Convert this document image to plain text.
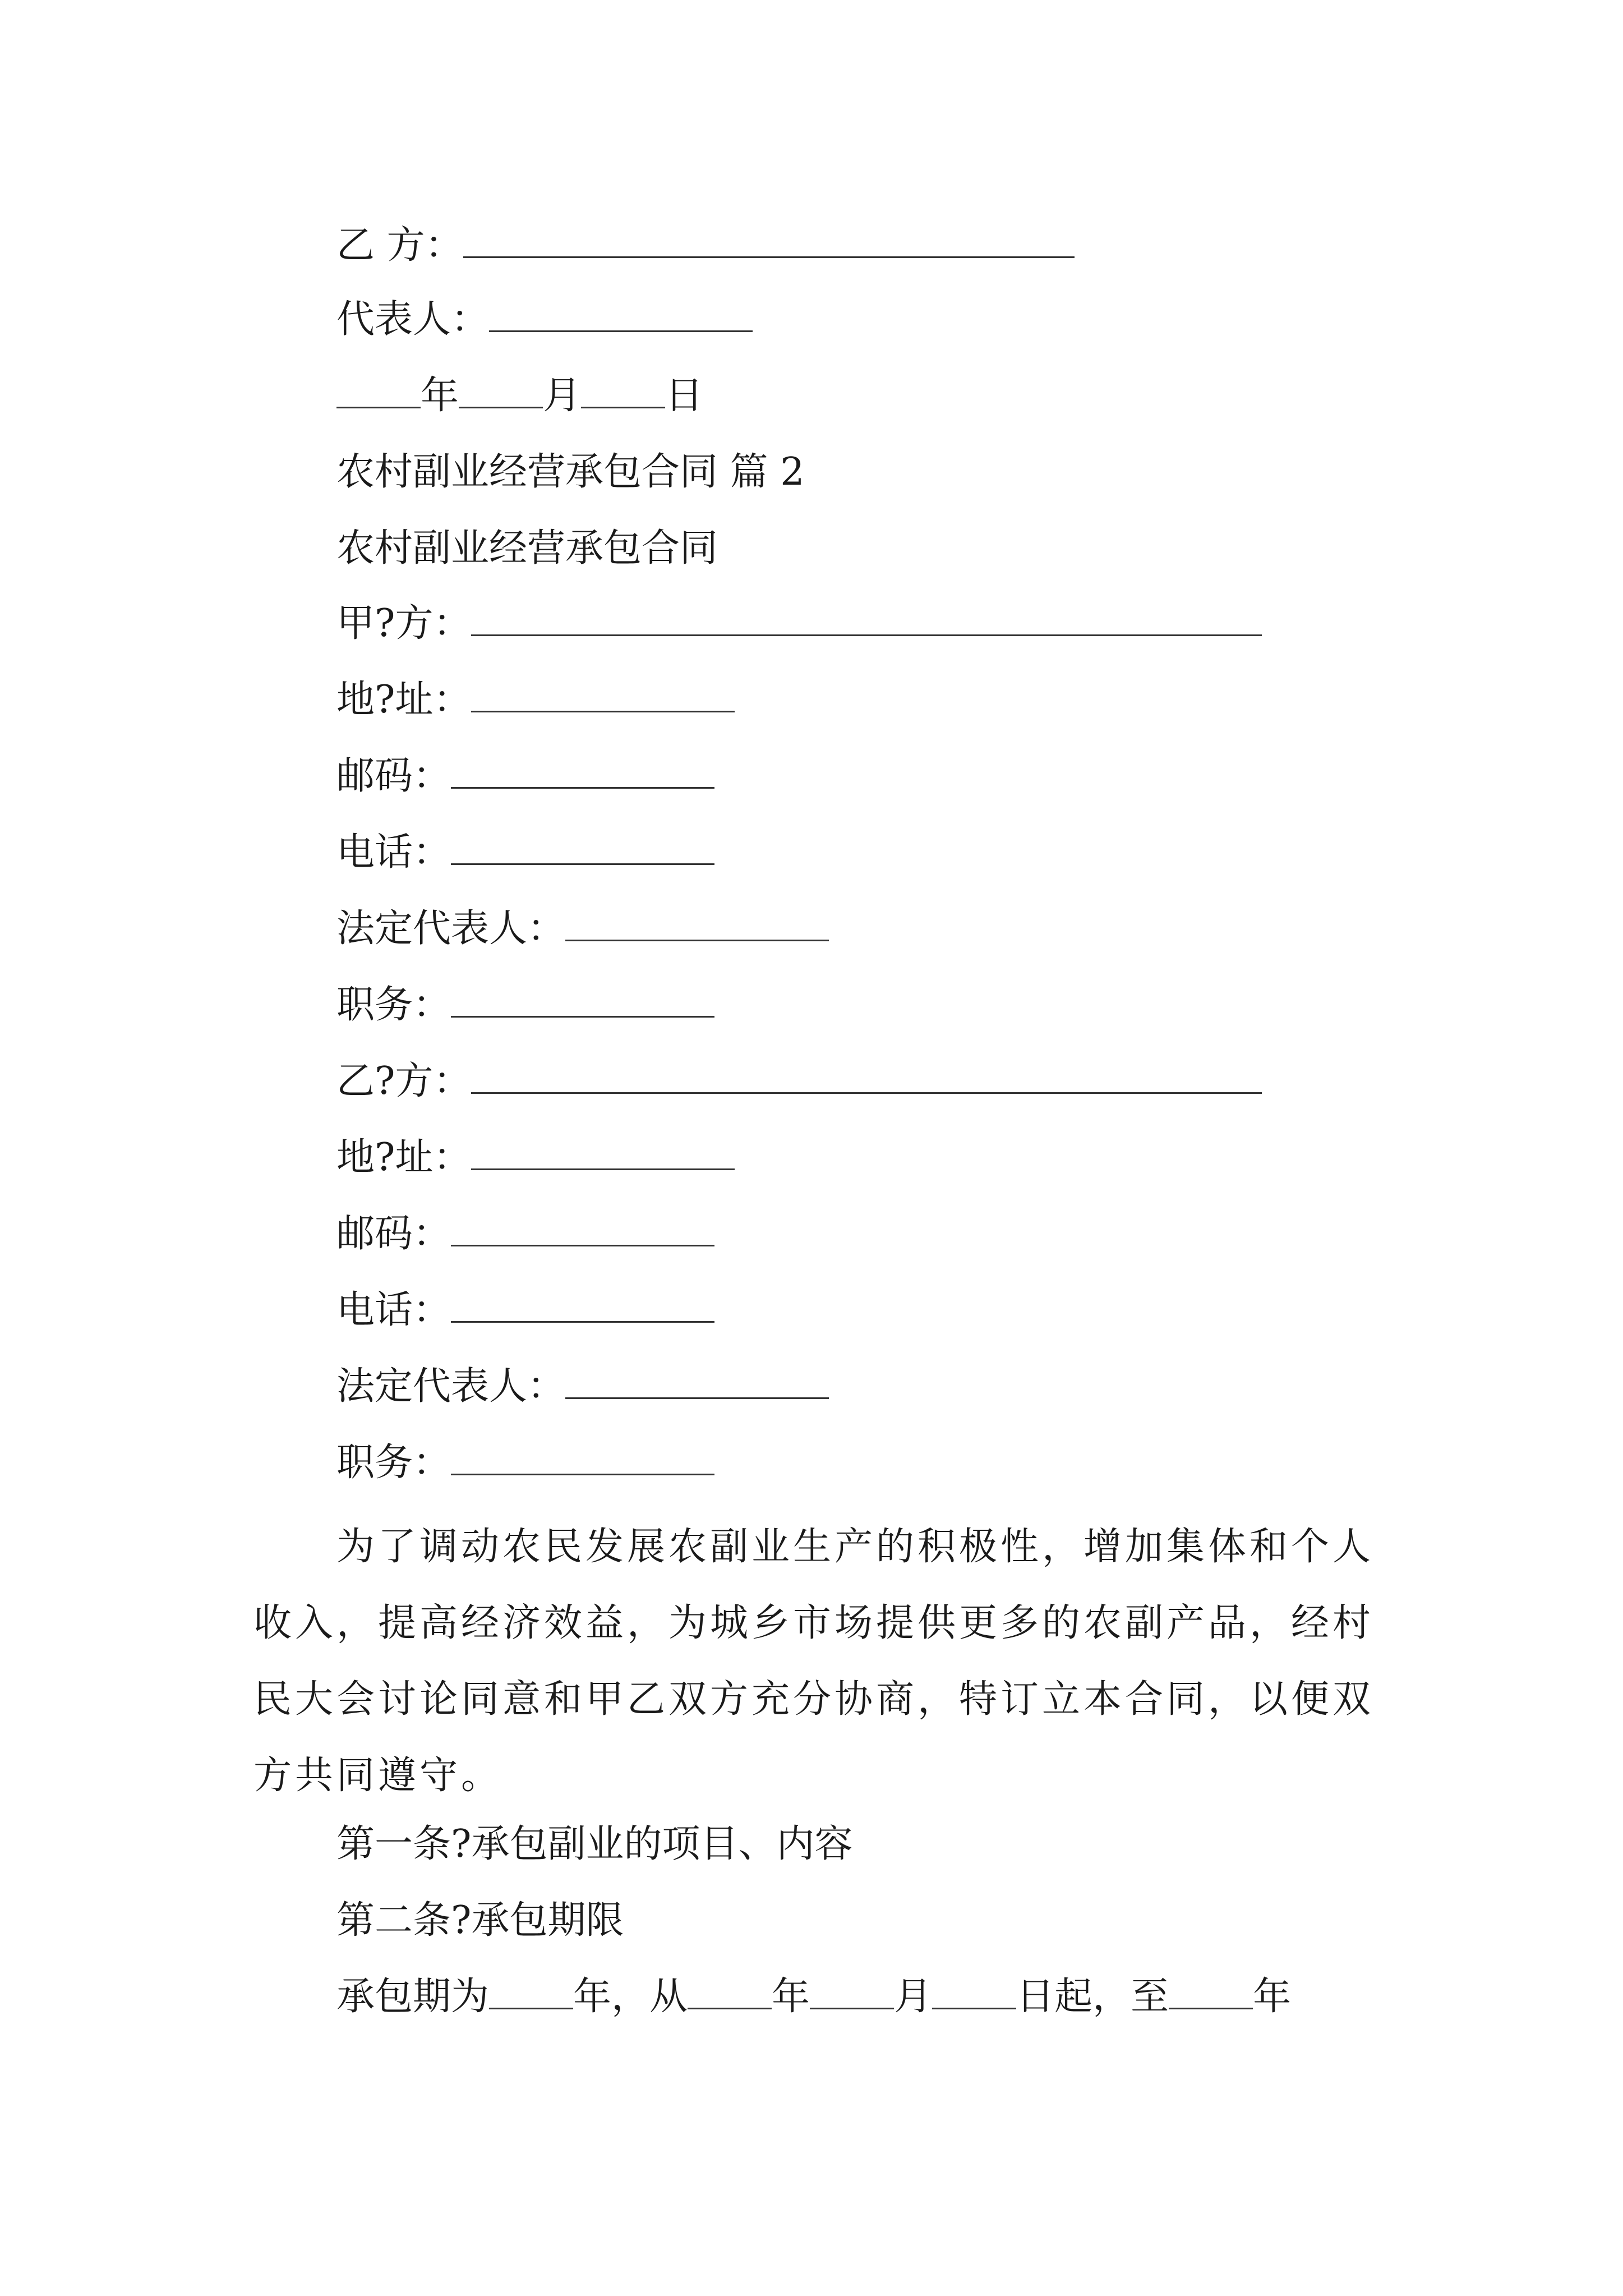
乙 方：
代表人：
年 月 日
农村副业经营承包合同 篇 2
农村副业经营承包合同
甲?方：
地?址：
邮码：
电话：
法定代表人：
职务：
乙?方：
地?址：
邮码：
电话：
法定代表人：
职务：
为了调动农民发展农副业生产的积极性，增加集体和个人收入，提高经济效益，为城乡市场提供更多的农副产品，经村民大会讨论同意和甲乙双方充分协商，特订立本合同，以便双方共同遵守。
第一条?承包副业的项目、内容
第二条?承包期限
承包期为 年，从 年 月 日起，至 年
